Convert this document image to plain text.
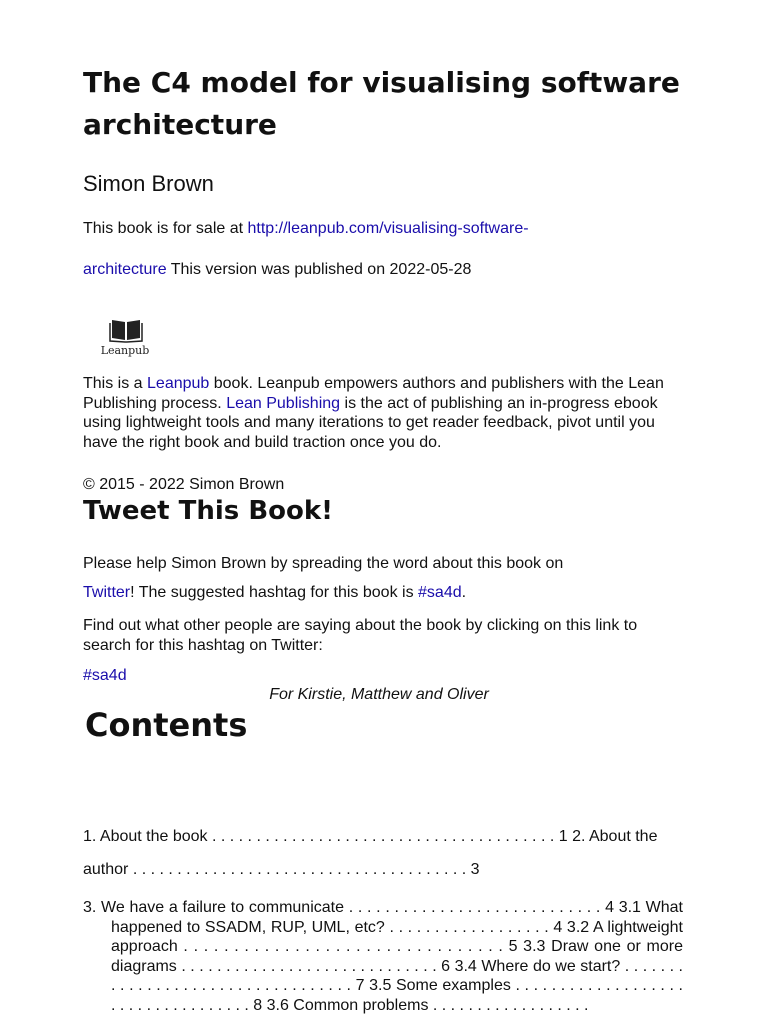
The C4 model for visualising software architecture
Simon Brown
This book is for sale at http://leanpub.com/visualising-software-
architecture This version was published on 2022-05-28
Leanpub

This is a Leanpub book. Leanpub empowers authors and publishers with the Lean Publishing process. Lean Publishing is the act of publishing an in-progress ebook using lightweight tools and many iterations to get reader feedback, pivot until you have the right book and build traction once you do.

© 2015 - 2022 Simon Brown
Tweet This Book!
Please help Simon Brown by spreading the word about this book on
Twitter! The suggested hashtag for this book is #sa4d.

Find out what other people are saying about the book by clicking on this link to search for this hashtag on Twitter:

#sa4d
For Kirstie, Matthew and Oliver
Contents
1. About the book . . . . . . . . . . . . . . . . . . . . . . . . . . . . . . . . . . . . . . . 1 2. About the
author . . . . . . . . . . . . . . . . . . . . . . . . . . . . . . . . . . . . . . 3
3. We have a failure to communicate . . . . . . . . . . . . . . . . . . . . . . . . . . . . 4 3.1 What happened to SSADM, RUP, UML, etc? . . . . . . . . . . . . . . . . . . 4 3.2 A lightweight approach . . . . . . . . . . . . . . . . . . . . . . . . . . . . . . . . 5 3.3 Draw one or more diagrams . . . . . . . . . . . . . . . . . . . . . . . . . . . . . 6 3.4 Where do we start? . . . . . . . . . . . . . . . . . . . . . . . . . . . . . . . . . . 7 3.5 Some examples . . . . . . . . . . . . . . . . . . . . . . . . . . . . . . . . . . . 8 3.6 Common problems . . . . . . . . . . . . . . . . . .
